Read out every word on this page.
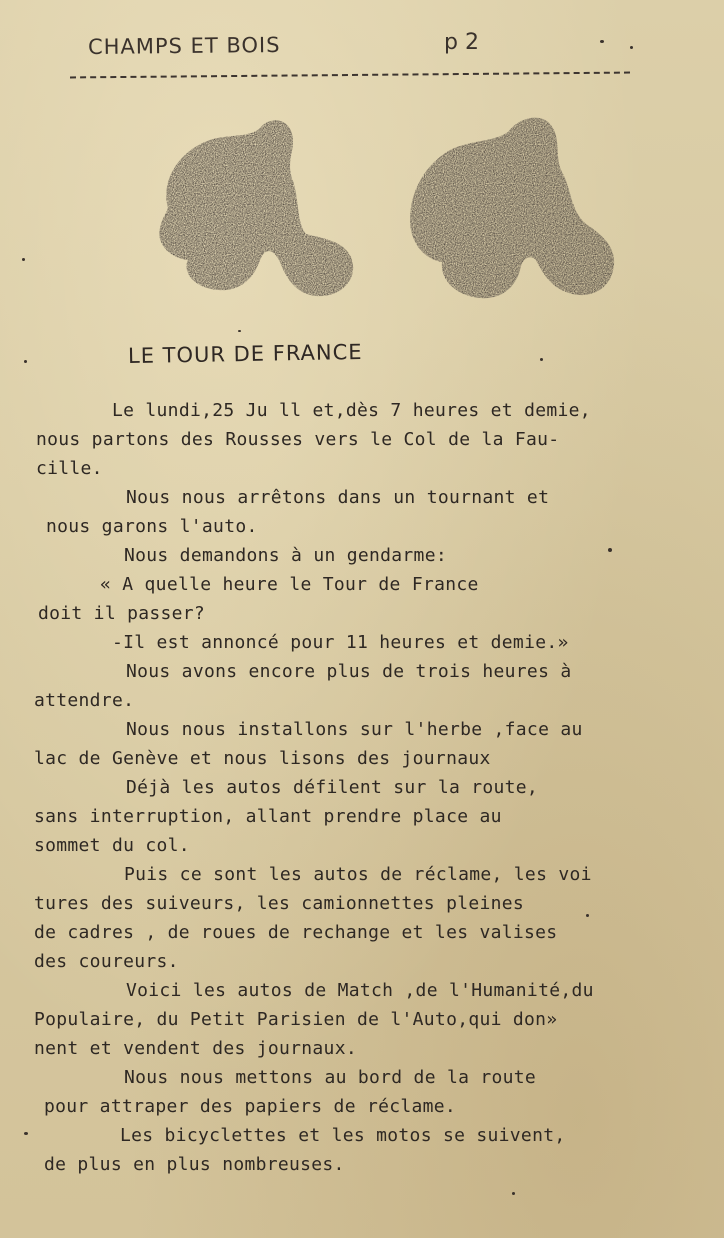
CHAMPS ET BOIS	p 2
LE TOUR DE FRANCE
Le lundi,25 Ju ll et,dès 7 heures et demie,
nous partons des Rousses vers le Col de la Fau-
cille.
Nous nous arrêtons dans un tournant et
nous garons l'auto.
Nous demandons à un gendarme:
« A quelle heure le Tour de France
doit il passer?
-Il est annoncé pour 11 heures et demie.»
Nous avons encore plus de trois heures à
attendre.
Nous nous installons sur l'herbe ,face au
lac de Genève et nous lisons des journaux
Déjà les autos défilent sur la route,
sans interruption, allant prendre place au
sommet du col.
Puis ce sont les autos de réclame, les voi
tures des suiveurs, les camionnettes pleines
de cadres , de roues de rechange et les valises
des coureurs.
Voici les autos de Match ,de l'Humanité,du
Populaire, du Petit Parisien de l'Auto,qui don»
nent et vendent des journaux.
Nous nous mettons au bord de la route
pour attraper des papiers de réclame.
Les bicyclettes et les motos se suivent,
de plus en plus nombreuses.
